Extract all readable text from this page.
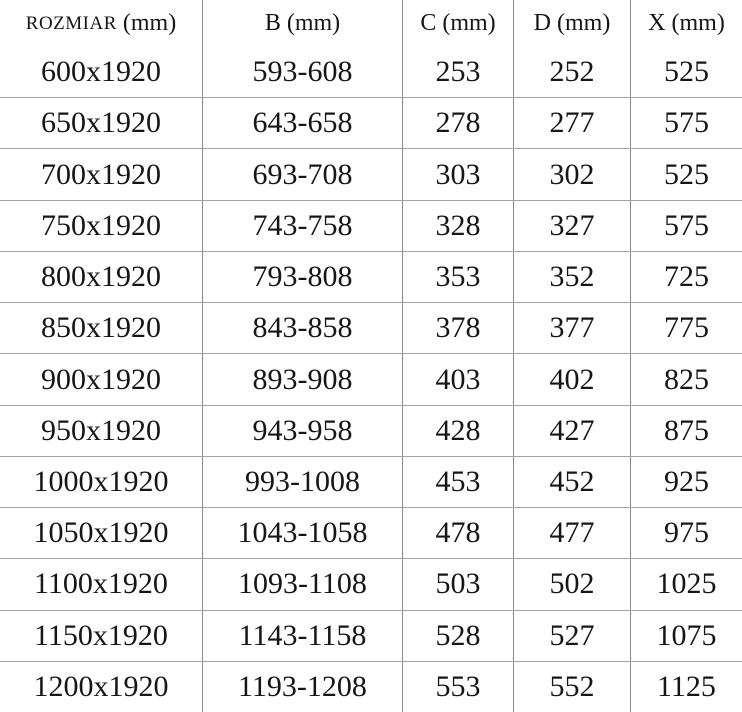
ROZMIAR (mm)	B (mm)	C (mm) D (mm) X (mm)
600x1920	593-608	253	252	525
650x1920	643-658	278	277	575
700x1920	693-708	303	302	525
750x1920	743-758	328	327	575
800x1920	793-808	353	352	725
850x1920	843-858	378	377	775
900x1920	893-908	403	402	825
950x1920	943-958	428	427	875
1000x1920	993-1008	453	452	925
1050x1920	1043-1058	478	477	975
1100x1920	1093-1108	503	502	1025
1150x1920	1143-1158	528	527	1075
1200x1920	1193-1208	553	552	1125
